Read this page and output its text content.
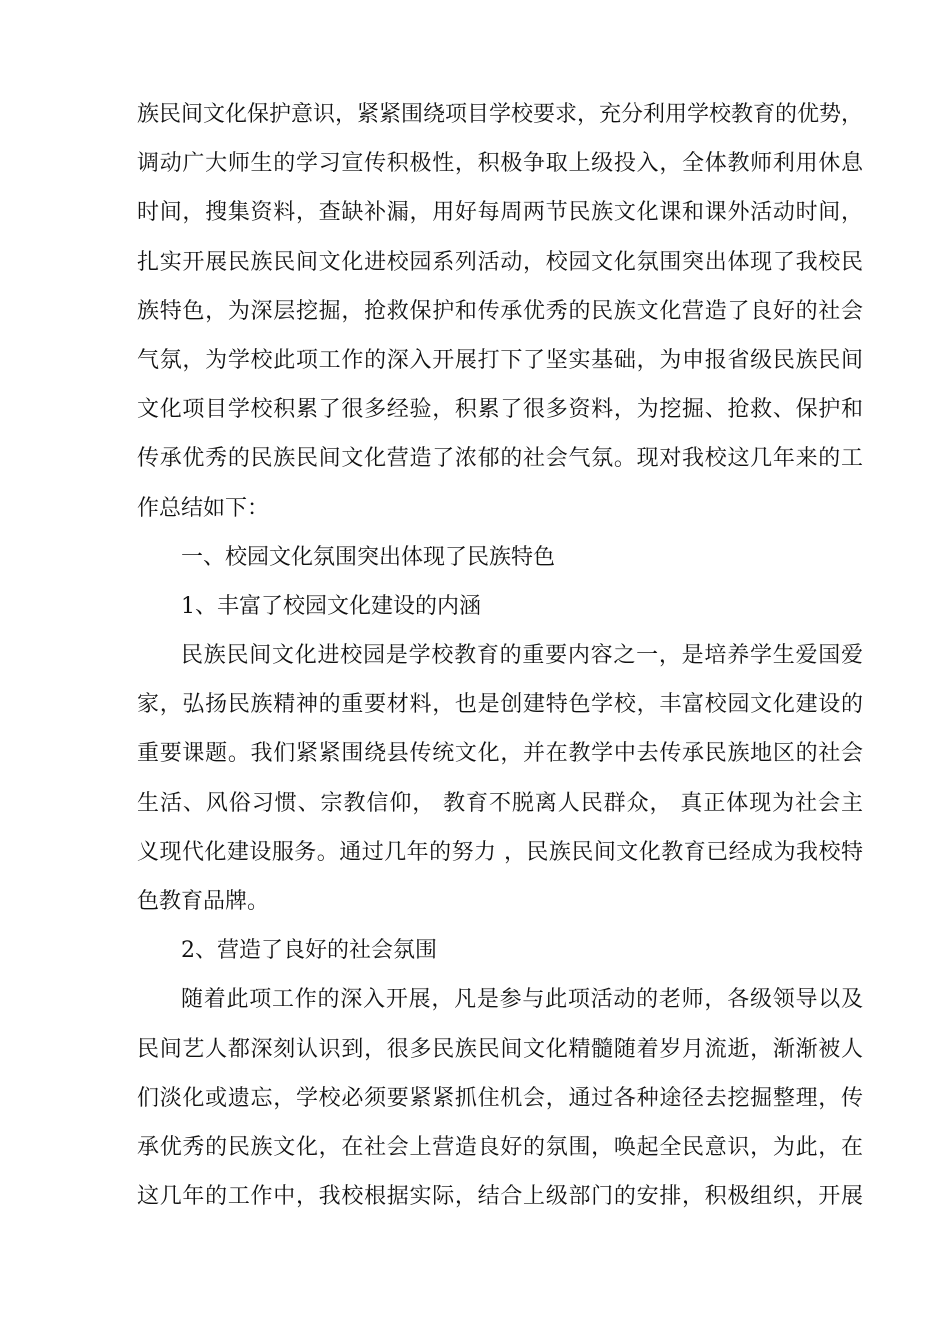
族民间文化保护意识，紧紧围绕项目学校要求，充分利用学校教育的优势，
调动广大师生的学习宣传积极性，积极争取上级投入，全体教师利用休息
时间，搜集资料，查缺补漏，用好每周两节民族文化课和课外活动时间，
扎实开展民族民间文化进校园系列活动，校园文化氛围突出体现了我校民
族特色，为深层挖掘，抢救保护和传承优秀的民族文化营造了良好的社会
气氛，为学校此项工作的深入开展打下了坚实基础，为申报省级民族民间
文化项目学校积累了很多经验，积累了很多资料，为挖掘、抢救、保护和
传承优秀的民族民间文化营造了浓郁的社会气氛。现对我校这几年来的工
作总结如下：
一、校园文化氛围突出体现了民族特色
1、丰富了校园文化建设的内涵
民族民间文化进校园是学校教育的重要内容之一，是培养学生爱国爱
家，弘扬民族精神的重要材料，也是创建特色学校，丰富校园文化建设的
重要课题。我们紧紧围绕县传统文化，并在教学中去传承民族地区的社会
生活、风俗习惯、宗教信仰， 教育不脱离人民群众， 真正体现为社会主
义现代化建设服务。通过几年的努力 ，民族民间文化教育已经成为我校特
色教育品牌。
2、营造了良好的社会氛围
随着此项工作的深入开展，凡是参与此项活动的老师，各级领导以及
民间艺人都深刻认识到，很多民族民间文化精髓随着岁月流逝，渐渐被人
们淡化或遗忘，学校必须要紧紧抓住机会，通过各种途径去挖掘整理，传
承优秀的民族文化，在社会上营造良好的氛围，唤起全民意识，为此，在
这几年的工作中，我校根据实际，结合上级部门的安排，积极组织，开展
